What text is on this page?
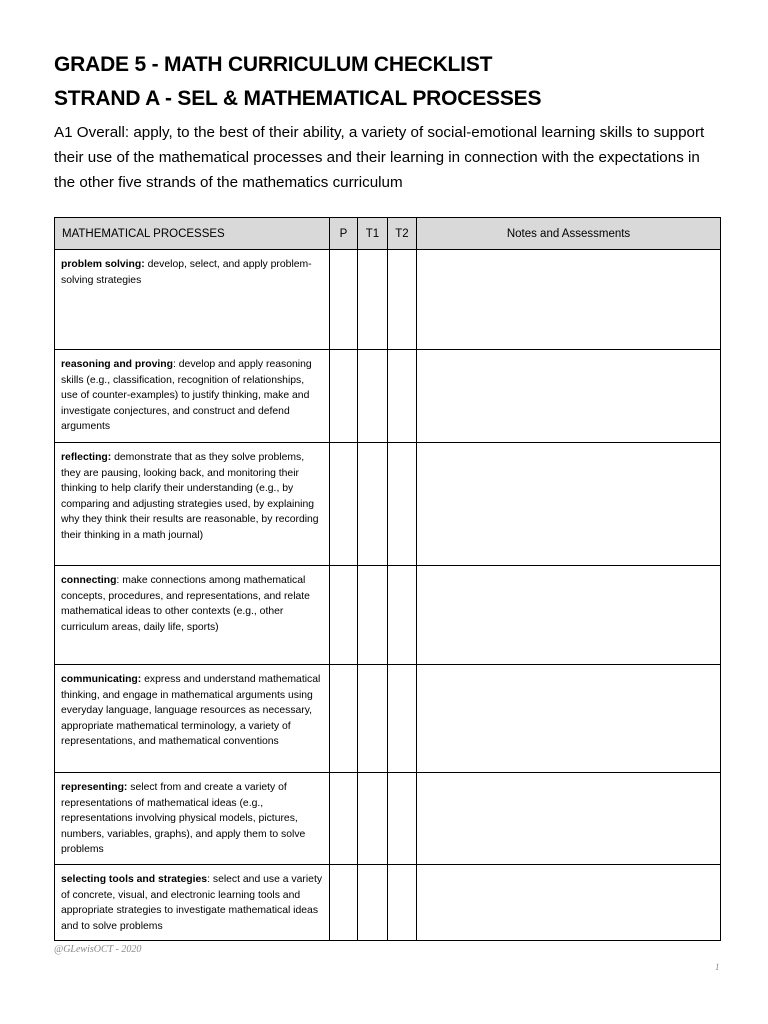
GRADE 5 - MATH CURRICULUM CHECKLIST
STRAND A - SEL & MATHEMATICAL PROCESSES

A1 Overall: apply, to the best of their ability, a variety of social-emotional learning skills to support their use of the mathematical processes and their learning in connection with the expectations in the other five strands of the mathematics curriculum

MATHEMATICAL PROCESSES	P	T1	T2	Notes and Assessments
problem solving: develop, select, and apply problem-solving strategies				
reasoning and proving: develop and apply reasoning skills (e.g., classification, recognition of relationships, use of counter-examples) to justify thinking, make and investigate conjectures, and construct and defend arguments				
reflecting: demonstrate that as they solve problems, they are pausing, looking back, and monitoring their thinking to help clarify their understanding (e.g., by comparing and adjusting strategies used, by explaining why they think their results are reasonable, by recording their thinking in a math journal)				
connecting: make connections among mathematical concepts, procedures, and representations, and relate mathematical ideas to other contexts (e.g., other curriculum areas, daily life, sports)				
communicating: express and understand mathematical thinking, and engage in mathematical arguments using everyday language, language resources as necessary, appropriate mathematical terminology, a variety of representations, and mathematical conventions				
representing: select from and create a variety of representations of mathematical ideas (e.g., representations involving physical models, pictures, numbers, variables, graphs), and apply them to solve problems				
selecting tools and strategies: select and use a variety of concrete, visual, and electronic learning tools and appropriate strategies to investigate mathematical ideas and to solve problems				
@GLewisOCT - 2020
1
